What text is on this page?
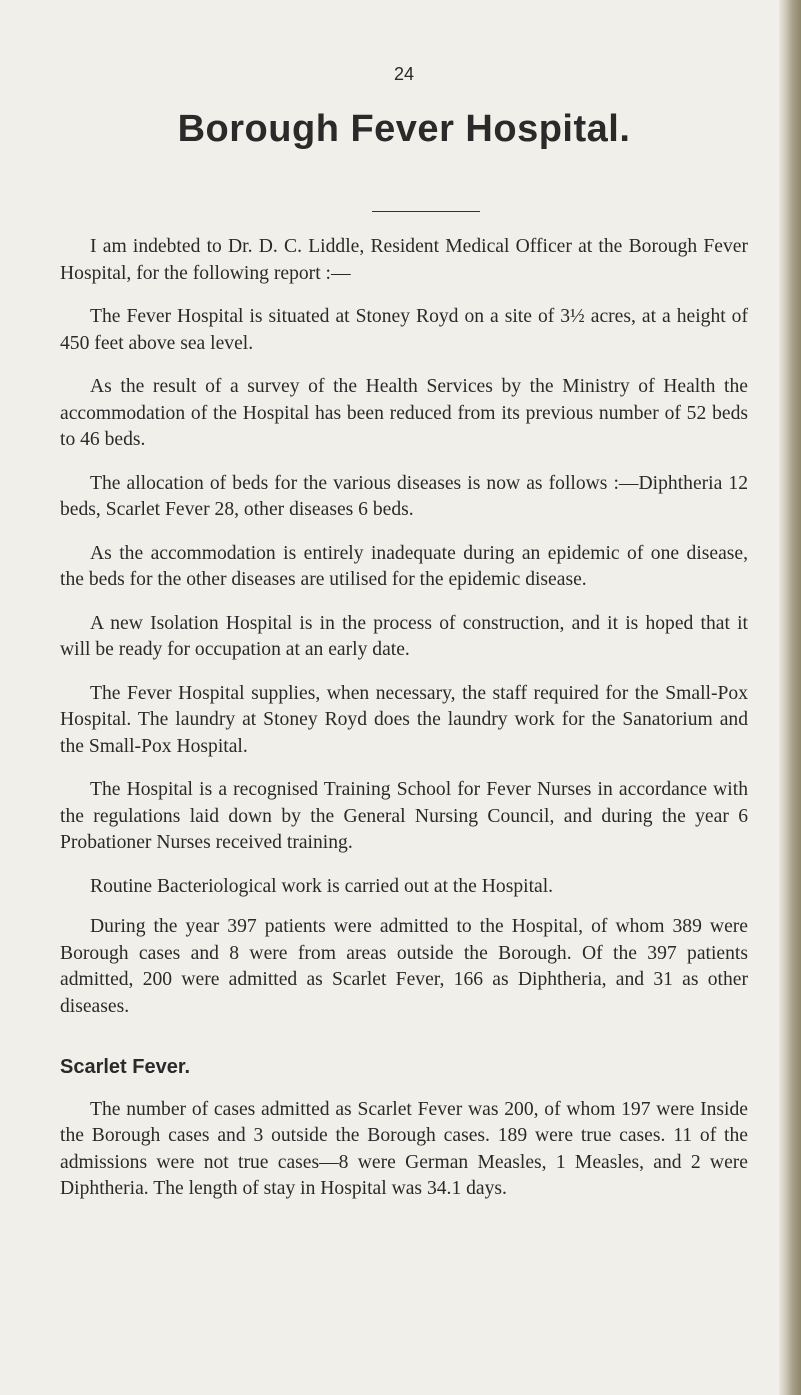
24
Borough Fever Hospital.

I am indebted to Dr. D. C. Liddle, Resident Medical Officer at the Borough Fever Hospital, for the following report :—

The Fever Hospital is situated at Stoney Royd on a site of 3½ acres, at a height of 450 feet above sea level.

As the result of a survey of the Health Services by the Ministry of Health the accommodation of the Hospital has been reduced from its previous number of 52 beds to 46 beds.

The allocation of beds for the various diseases is now as follows :—Diphtheria 12 beds, Scarlet Fever 28, other diseases 6 beds.

As the accommodation is entirely inadequate during an epidemic of one disease, the beds for the other diseases are utilised for the epidemic disease.

A new Isolation Hospital is in the process of construction, and it is hoped that it will be ready for occupation at an early date.

The Fever Hospital supplies, when necessary, the staff required for the Small-Pox Hospital. The laundry at Stoney Royd does the laundry work for the Sanatorium and the Small-Pox Hospital.

The Hospital is a recognised Training School for Fever Nurses in accordance with the regulations laid down by the General Nursing Council, and during the year 6 Probationer Nurses received training.

Routine Bacteriological work is carried out at the Hospital.

During the year 397 patients were admitted to the Hospital, of whom 389 were Borough cases and 8 were from areas outside the Borough. Of the 397 patients admitted, 200 were admitted as Scarlet Fever, 166 as Diphtheria, and 31 as other diseases.

Scarlet Fever.

The number of cases admitted as Scarlet Fever was 200, of whom 197 were Inside the Borough cases and 3 outside the Borough cases. 189 were true cases. 11 of the admissions were not true cases—8 were German Measles, 1 Measles, and 2 were Diphtheria. The length of stay in Hospital was 34.1 days.
